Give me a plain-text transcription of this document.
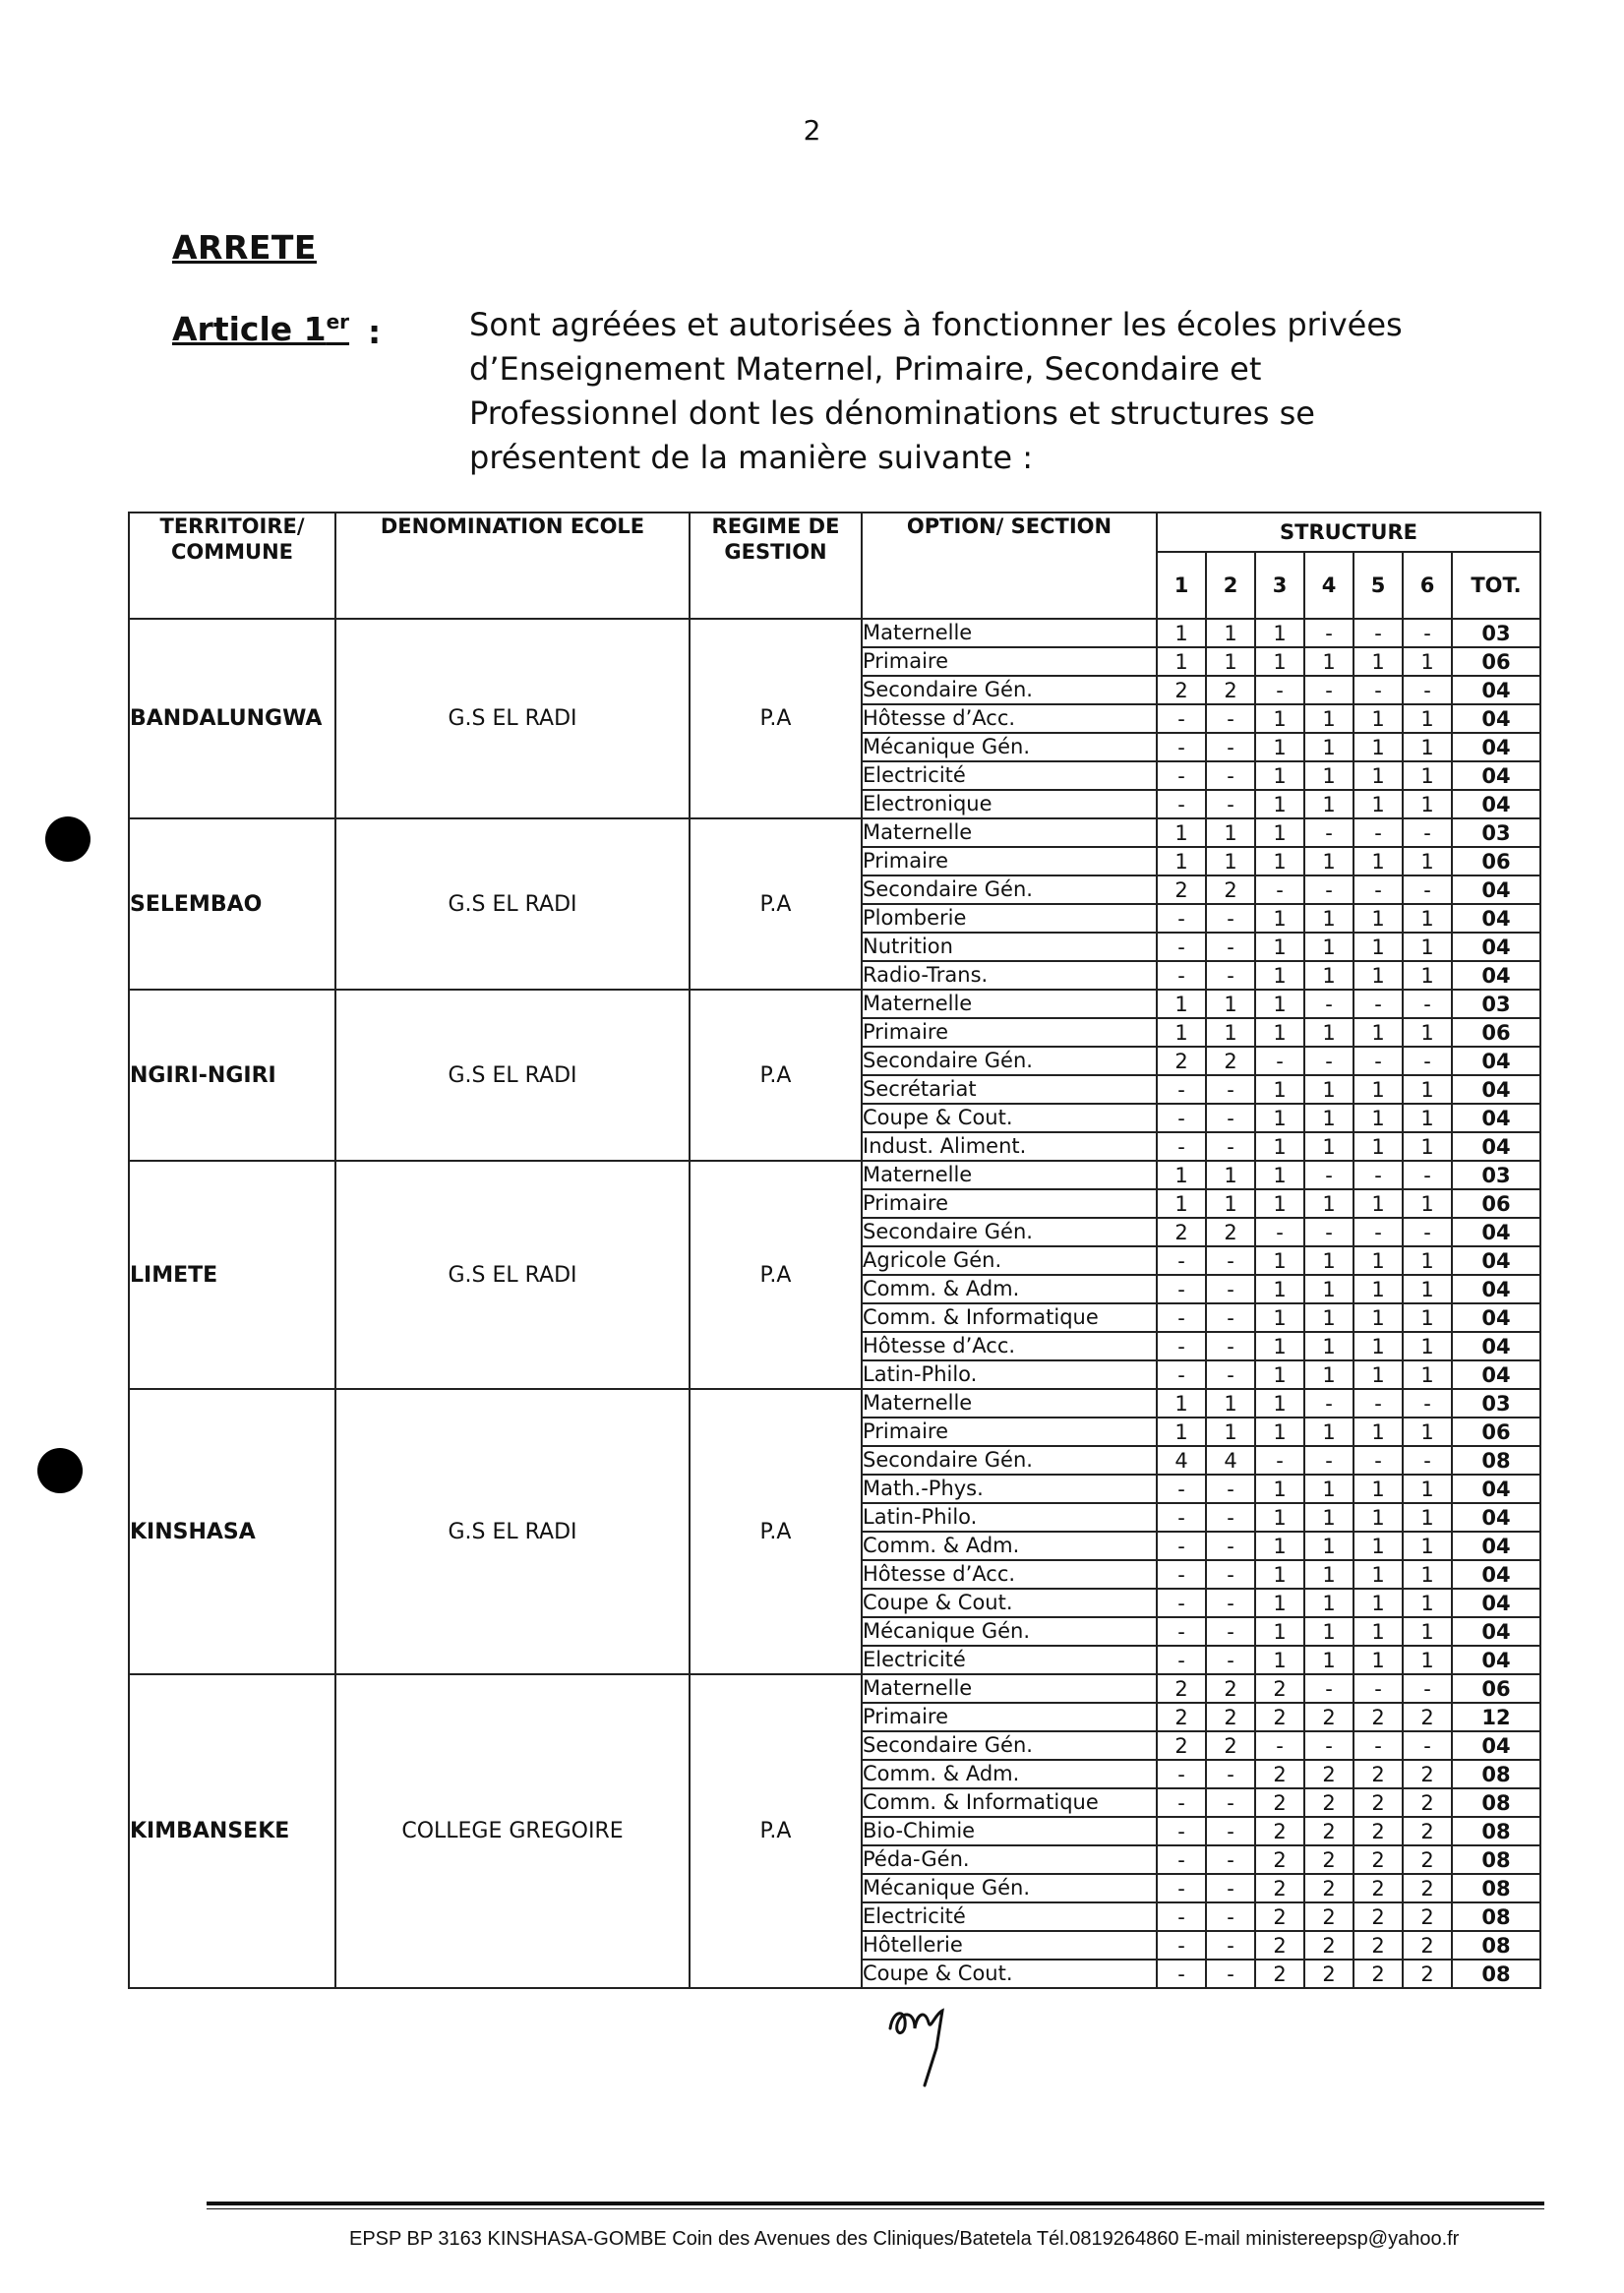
2
ARRETE
Article 1er :	Sont agréées et autorisées à fonctionner les écoles privées d’Enseignement Maternel, Primaire, Secondaire et Professionnel dont les dénominations et structures se présentent de la manière suivante :
TERRITOIRE/ COMMUNE	DENOMINATION ECOLE	REGIME DE GESTION	OPTION/ SECTION	STRUCTURE						
				1	2	3	4	5	6	TOT.
BANDALUNGWA	G.S EL RADI	P.A	Maternelle	1	1	1	-	-	-	03
			Primaire	1	1	1	1	1	1	06
			Secondaire Gén.	2	2	-	-	-	-	04
			Hôtesse d’Acc.	-	-	1	1	1	1	04
			Mécanique Gén.	-	-	1	1	1	1	04
			Electricité	-	-	1	1	1	1	04
			Electronique	-	-	1	1	1	1	04
SELEMBAO	G.S EL RADI	P.A	Maternelle	1	1	1	-	-	-	03
			Primaire	1	1	1	1	1	1	06
			Secondaire Gén.	2	2	-	-	-	-	04
			Plomberie	-	-	1	1	1	1	04
			Nutrition	-	-	1	1	1	1	04
			Radio-Trans.	-	-	1	1	1	1	04
NGIRI-NGIRI	G.S EL RADI	P.A	Maternelle	1	1	1	-	-	-	03
			Primaire	1	1	1	1	1	1	06
			Secondaire Gén.	2	2	-	-	-	-	04
			Secrétariat	-	-	1	1	1	1	04
			Coupe & Cout.	-	-	1	1	1	1	04
			Indust. Aliment.	-	-	1	1	1	1	04
LIMETE	G.S EL RADI	P.A	Maternelle	1	1	1	-	-	-	03
			Primaire	1	1	1	1	1	1	06
			Secondaire Gén.	2	2	-	-	-	-	04
			Agricole Gén.	-	-	1	1	1	1	04
			Comm. & Adm.	-	-	1	1	1	1	04
			Comm. & Informatique	-	-	1	1	1	1	04
			Hôtesse d’Acc.	-	-	1	1	1	1	04
			Latin-Philo.	-	-	1	1	1	1	04
KINSHASA	G.S EL RADI	P.A	Maternelle	1	1	1	-	-	-	03
			Primaire	1	1	1	1	1	1	06
			Secondaire Gén.	4	4	-	-	-	-	08
			Math.-Phys.	-	-	1	1	1	1	04
			Latin-Philo.	-	-	1	1	1	1	04
			Comm. & Adm.	-	-	1	1	1	1	04
			Hôtesse d’Acc.	-	-	1	1	1	1	04
			Coupe & Cout.	-	-	1	1	1	1	04
			Mécanique Gén.	-	-	1	1	1	1	04
			Electricité	-	-	1	1	1	1	04
KIMBANSEKE	COLLEGE GREGOIRE	P.A	Maternelle	2	2	2	-	-	-	06
			Primaire	2	2	2	2	2	2	12
			Secondaire Gén.	2	2	-	-	-	-	04
			Comm. & Adm.	-	-	2	2	2	2	08
			Comm. & Informatique	-	-	2	2	2	2	08
			Bio-Chimie	-	-	2	2	2	2	08
			Péda-Gén.	-	-	2	2	2	2	08
			Mécanique Gén.	-	-	2	2	2	2	08
			Electricité	-	-	2	2	2	2	08
			Hôtellerie	-	-	2	2	2	2	08
			Coupe & Cout.	-	-	2	2	2	2	08
EPSP BP 3163 KINSHASA-GOMBE Coin des Avenues des Cliniques/Batetela Tél.0819264860 E-mail ministereepsp@yahoo.fr
